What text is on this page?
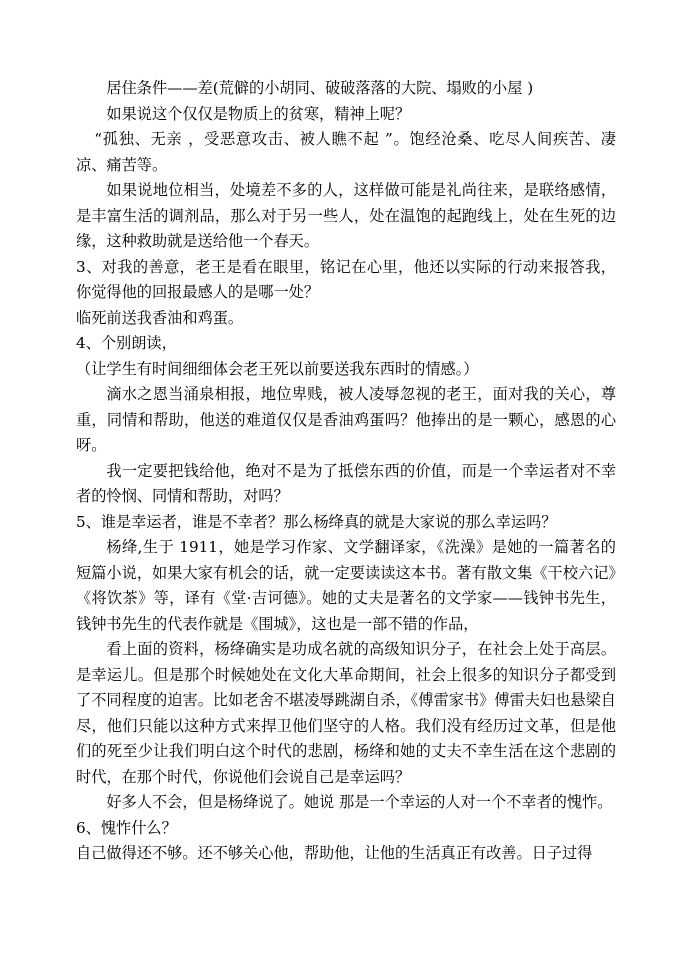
居住条件——差(荒僻的小胡同、破破落落的大院、塌败的小屋 )

如果说这个仅仅是物质上的贫寒，精神上呢？

“孤独、无亲 ，受恶意攻击、被人瞧不起 ”。饱经沧桑、吃尽人间疾苦、凄凉、痛苦等。

如果说地位相当，处境差不多的人，这样做可能是礼尚往来，是联络感情，是丰富生活的调剂品，那么对于另一些人，处在温饱的起跑线上，处在生死的边缘，这种救助就是送给他一个春天。

3、对我的善意，老王是看在眼里，铭记在心里，他还以实际的行动来报答我，你觉得他的回报最感人的是哪一处？

临死前送我香油和鸡蛋。

4、个别朗读，

（让学生有时间细细体会老王死以前要送我东西时的情感。）

滴水之恩当涌泉相报，地位卑贱，被人凌辱忽视的老王，面对我的关心，尊重，同情和帮助，他送的难道仅仅是香油鸡蛋吗？他捧出的是一颗心，感恩的心呀。

我一定要把钱给他，绝对不是为了抵偿东西的价值，而是一个幸运者对不幸者的怜悯、同情和帮助，对吗？

5、谁是幸运者，谁是不幸者？那么杨绛真的就是大家说的那么幸运吗？

杨绛,生于 1911，她是学习作家、文学翻译家，《洗澡》是她的一篇著名的短篇小说，如果大家有机会的话，就一定要读读这本书。著有散文集《干校六记》《将饮茶》等，译有《堂·吉诃德》。她的丈夫是著名的文学家——钱钟书先生，钱钟书先生的代表作就是《围城》，这也是一部不错的作品，

看上面的资料，杨绛确实是功成名就的高级知识分子，在社会上处于高层。是幸运儿。但是那个时候她处在文化大革命期间，社会上很多的知识分子都受到了不同程度的迫害。比如老舍不堪凌辱跳湖自杀，《傅雷家书》傅雷夫妇也悬梁自尽，他们只能以这种方式来捍卫他们坚守的人格。我们没有经历过文革，但是他们的死至少让我们明白这个时代的悲剧，杨绛和她的丈夫不幸生活在这个悲剧的时代，在那个时代，你说他们会说自己是幸运吗？

好多人不会，但是杨绛说了。她说 那是一个幸运的人对一个不幸者的愧怍。

6、愧怍什么？

自己做得还不够。还不够关心他，帮助他，让他的生活真正有改善。日子过得
